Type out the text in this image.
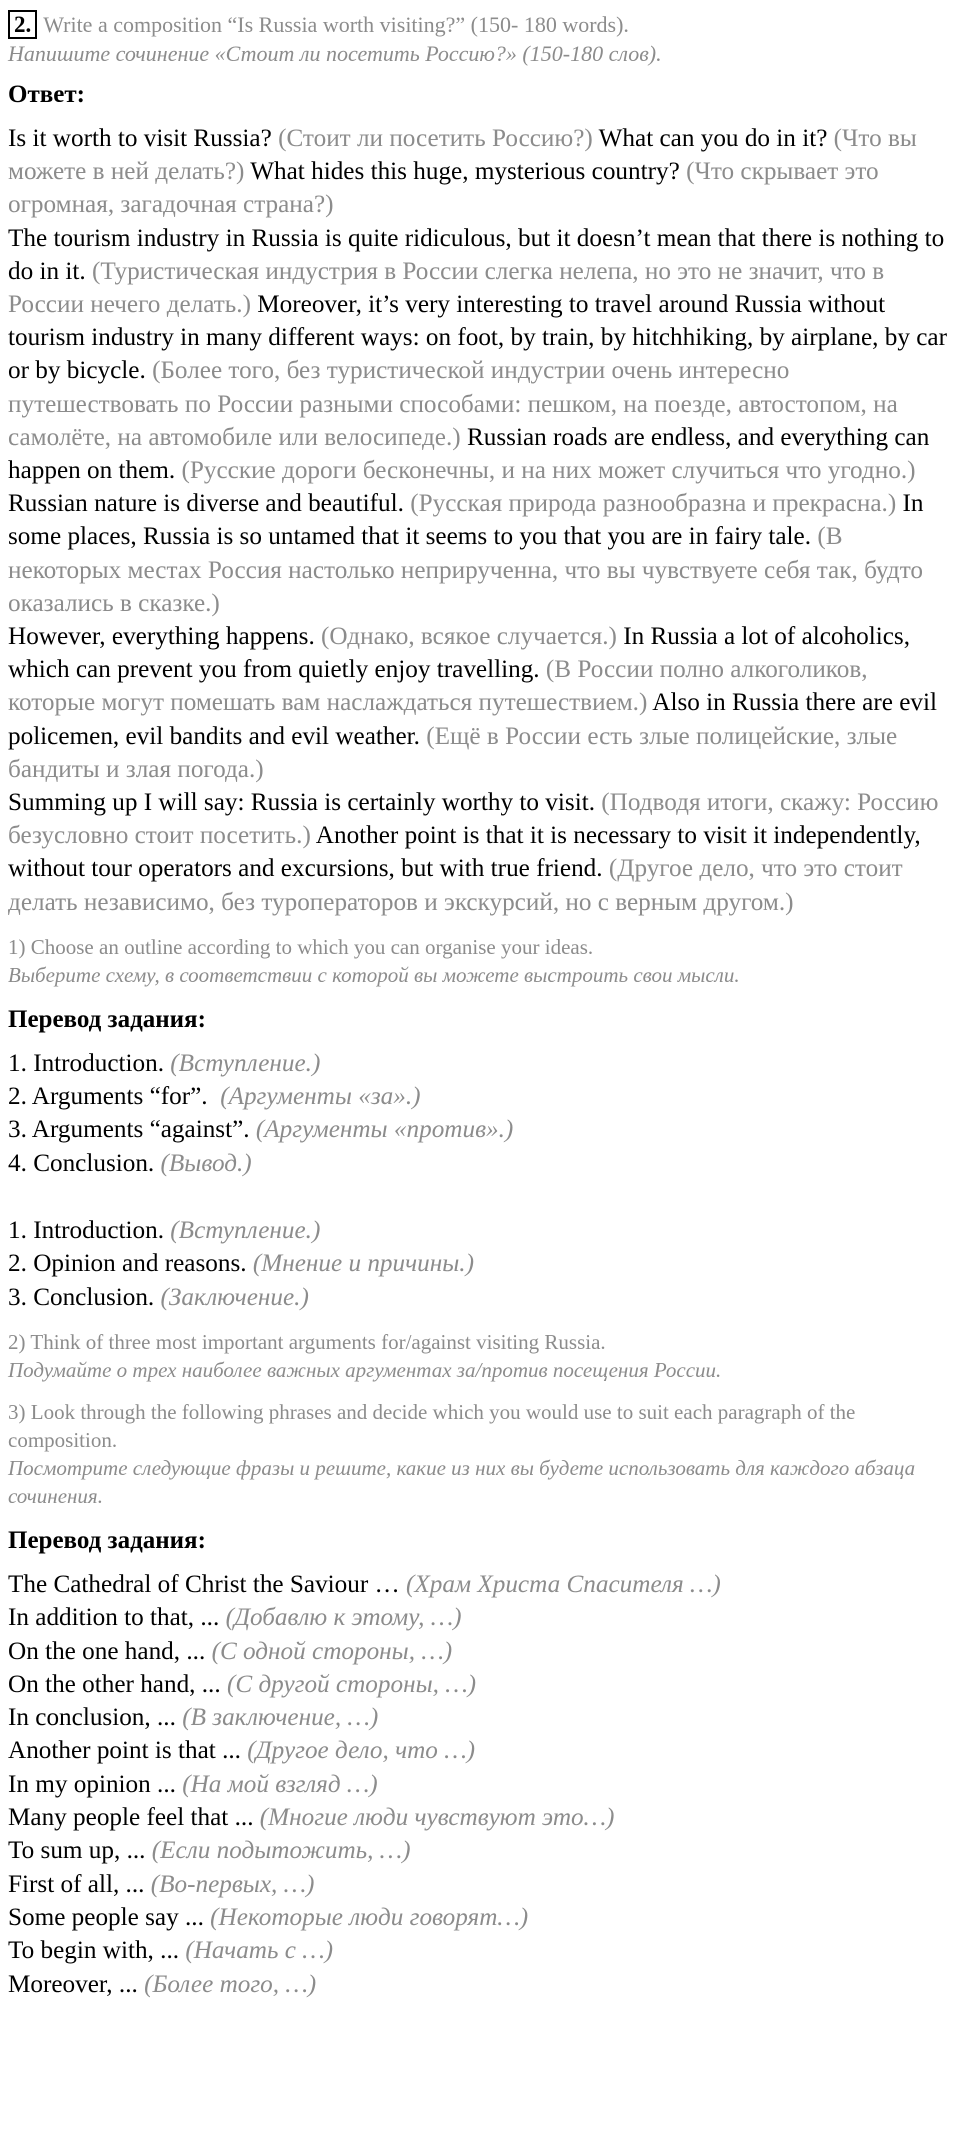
2. Write a composition “Is Russia worth visiting?” (150- 180 words).
Напишите сочинение «Стоит ли посетить Россию?» (150-180 слов).
Ответ:
Is it worth to visit Russia? (Стоит ли посетить Россию?) What can you do in it? (Что вы можете в ней делать?) What hides this huge, mysterious country? (Что скрывает это огромная, загадочная страна?)
The tourism industry in Russia is quite ridiculous, but it doesn’t mean that there is nothing to do in it. (Туристическая индустрия в России слегка нелепа, но это не значит, что в России нечего делать.) Moreover, it’s very interesting to travel around Russia without tourism industry in many different ways: on foot, by train, by hitchhiking, by airplane, by car or by bicycle. (Более того, без туристической индустрии очень интересно путешествовать по России разными способами: пешком, на поезде, автостопом, на самолёте, на автомобиле или велосипеде.) Russian roads are endless, and everything can happen on them. (Русские дороги бесконечны, и на них может случиться что угодно.) Russian nature is diverse and beautiful. (Русская природа разнообразна и прекрасна.) In some places, Russia is so untamed that it seems to you that you are in fairy tale. (В некоторых местах Россия настолько неприрученна, что вы чувствуете себя так, будто оказались в сказке.)
However, everything happens. (Однако, всякое случается.) In Russia a lot of alcoholics, which can prevent you from quietly enjoy travelling. (В России полно алкоголиков, которые могут помешать вам наслаждаться путешествием.) Also in Russia there are evil policemen, evil bandits and evil weather. (Ещё в России есть злые полицейские, злые бандиты и злая погода.)
Summing up I will say: Russia is certainly worthy to visit. (Подводя итоги, скажу: Россию безусловно стоит посетить.) Another point is that it is necessary to visit it independently, without tour operators and excursions, but with true friend. (Другое дело, что это стоит делать независимо, без туроператоров и экскурсий, но с верным другом.)
1) Choose an outline according to which you can organise your ideas.
Выберите схему, в соответствии с которой вы можете выстроить свои мысли.
Перевод задания:
1. Introduction. (Вступление.)
2. Arguments “for”. (Аргументы «за».)
3. Arguments “against”. (Аргументы «против».)
4. Conclusion. (Вывод.)
1. Introduction. (Вступление.)
2. Opinion and reasons. (Мнение и причины.)
3. Conclusion. (Заключение.)
2) Think of three most important arguments for/against visiting Russia.
Подумайте о трех наиболее важных аргументах за/против посещения России.
3) Look through the following phrases and decide which you would use to suit each paragraph of the composition.
Посмотрите следующие фразы и решите, какие из них вы будете использовать для каждого абзаца сочинения.
Перевод задания:
The Cathedral of Christ the Saviour … (Храм Христа Спасителя …)
In addition to that, ... (Добавлю к этому, …)
On the one hand, ... (С одной стороны, …)
On the other hand, ... (С другой стороны, …)
In conclusion, ... (В заключение, …)
Another point is that ... (Другое дело, что …)
In my opinion ... (На мой взгляд …)
Many people feel that ... (Многие люди чувствуют это…)
To sum up, ... (Если подытожить, …)
First of all, ... (Во-первых, …)
Some people say ... (Некоторые люди говорят…)
To begin with, ... (Начать с …)
Moreover, ... (Более того, …)
